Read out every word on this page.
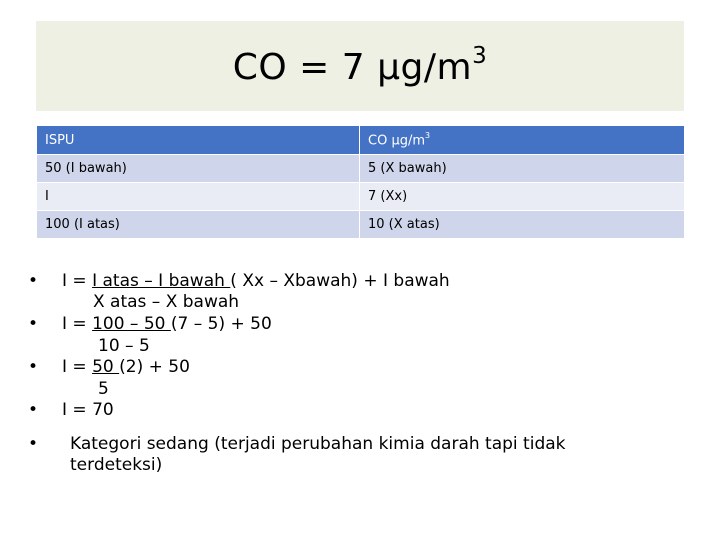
CO = 7 $\mu g/m^3$
ISPU	CO $\mu g/m^3$
50 (I bawah)	5 (X bawah)
I	7 (Xx)
100 (I atas)	10 (X atas)
• I = I atas – I bawah ( Xx – Xbawah) + I bawah
X atas – X bawah
• I = 100 – 50 (7 – 5) + 50
10 – 5
• I = 50 (2) + 50
5
• I = 70
• Kategori sedang (terjadi perubahan kimia darah tapi tidak terdeteksi)
